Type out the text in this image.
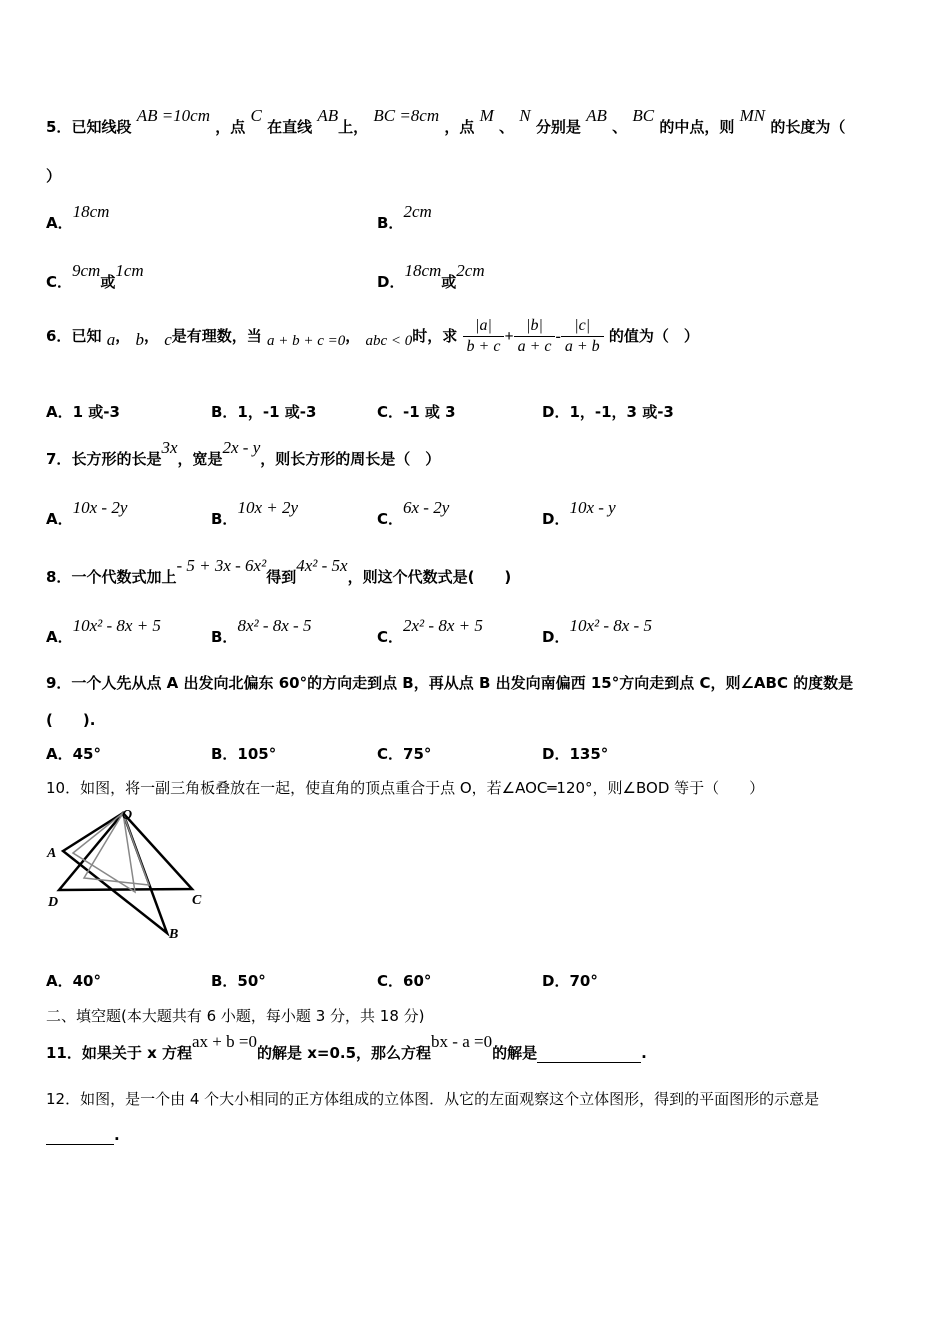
5．已知线段 AB =10cm ，点 C 在直线 AB上， BC =8cm ，点 M 、 N 分别是 AB 、 BC 的中点，则 MN 的长度为（
）
A．18cm
B．2cm
C．9cm或1cm
D．18cm或2cm
6．已知 a， b， c是有理数，当 a + b + c =0， abc < 0时，求 $\frac{|a|}{b + c} + \frac{|b|}{a + c} - \frac{|c|}{a + b}$ 的值为（　）
A．1 或-3	B．1，-1 或-3	C．-1 或 3	D．1，-1，3 或-3
7．长方形的长是3x，宽是2x - y，则长方形的周长是（　）
A．10x - 2y
B．10x + 2y
C．6x - 2y
D．10x - y
8．一个代数式加上- 5 + 3x - 6x²得到4x² - 5x，则这个代数式是(　　)
A．10x² - 8x + 5
B．8x² - 8x - 5
C．2x² - 8x + 5
D．10x² - 8x - 5
9．一个人先从点 A 出发向北偏东 60°的方向走到点 B，再从点 B 出发向南偏西 15°方向走到点 C，则∠ABC 的度数是
(　　).
A．45°	B．105°	C．75°	D．135°
10．如图，将一副三角板叠放在一起，使直角的顶点重合于点 O，若∠AOC═120°，则∠BOD 等于（　　）
O
A
D	C
B
A．40°	B．50°	C．60°	D．70°
二、填空题(本大题共有 6 小题，每小题 3 分，共 18 分)
11．如果关于 x 方程ax + b =0的解是 x=0.5，那么方程bx - a =0的解是	.
12．如图，是一个由 4 个大小相同的正方体组成的立体图．从它的左面观察这个立体图形，得到的平面图形的示意是
.
